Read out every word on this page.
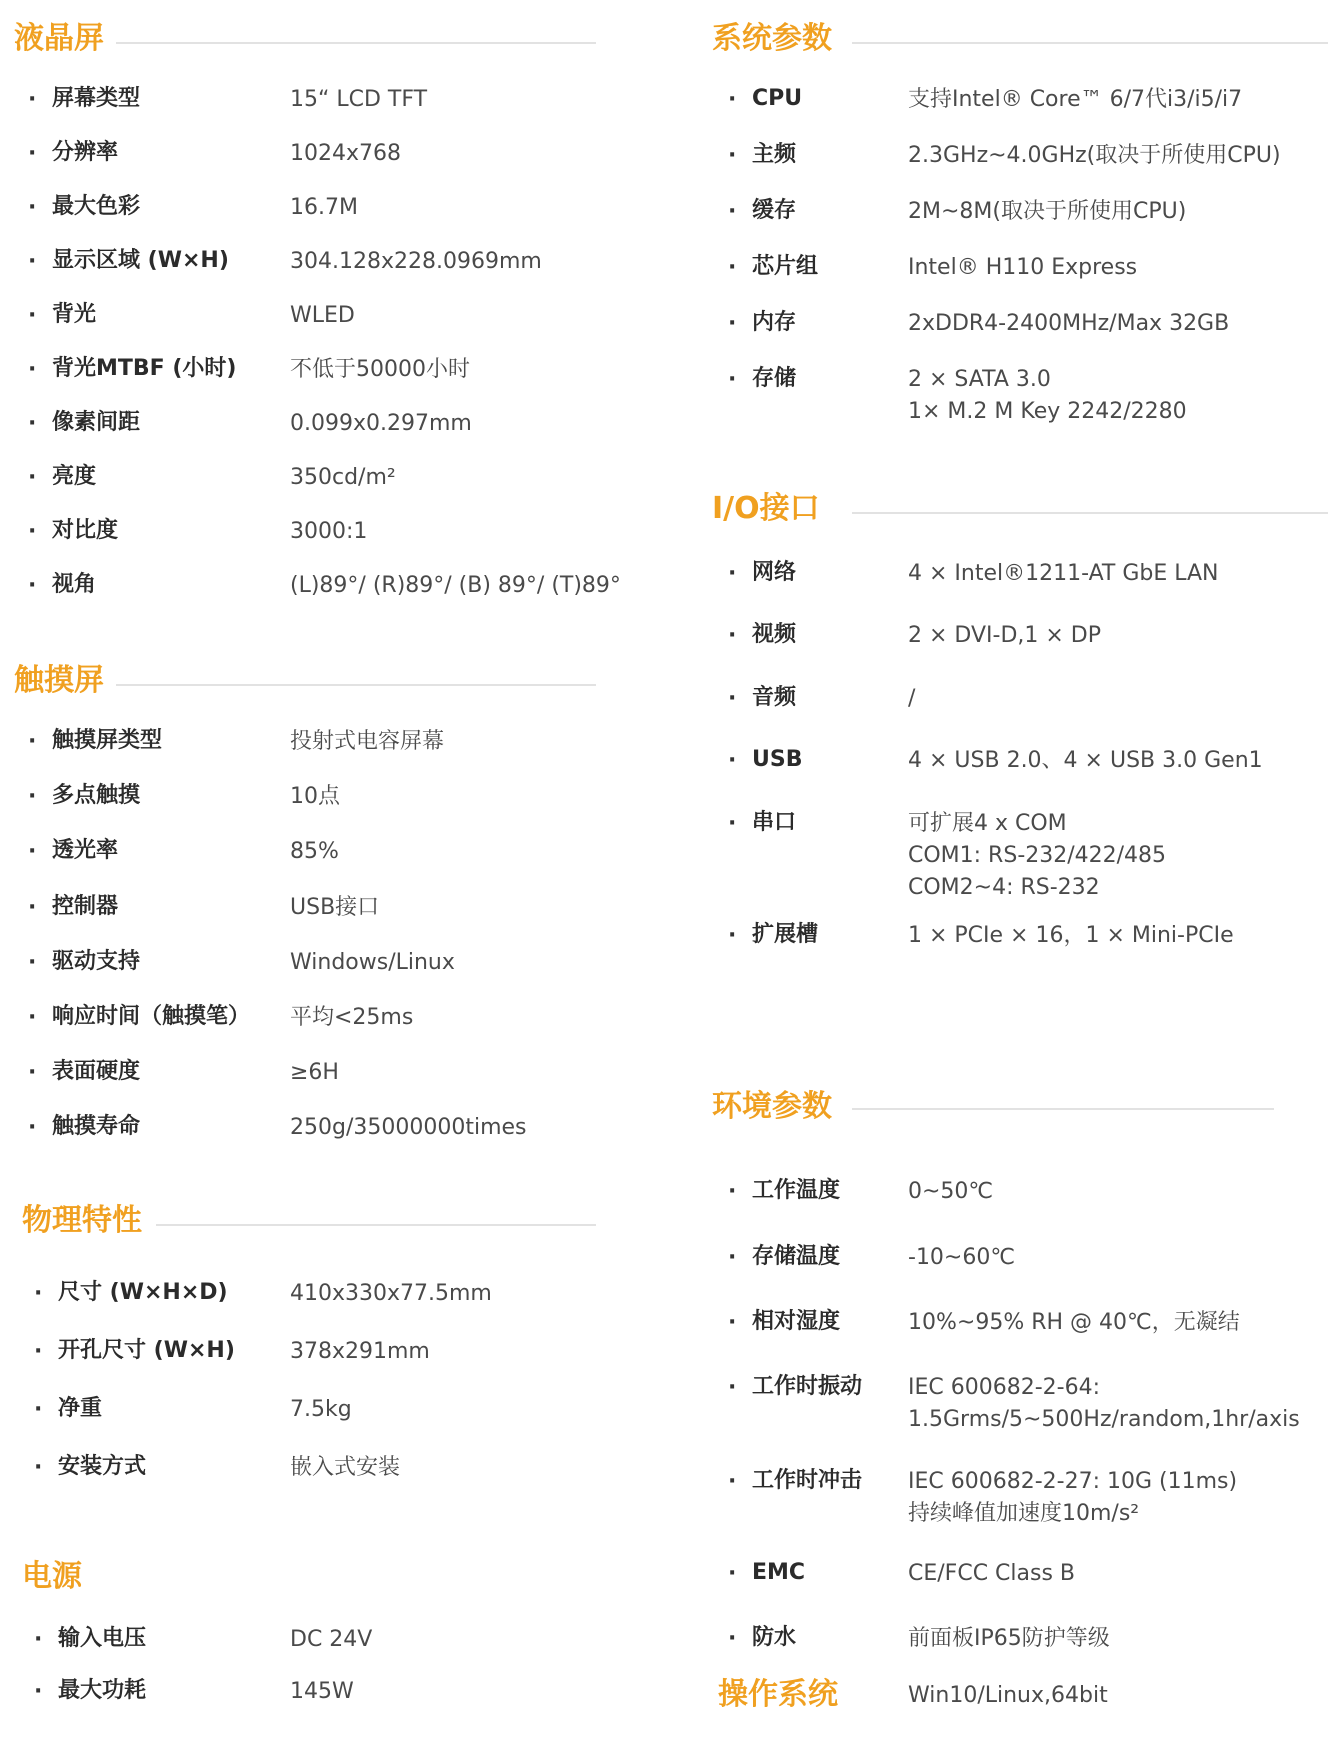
液晶屏
触摸屏
物理特性
电源
系统参数
I/O接口
环境参数
操作系统	Win10/Linux,64bit
· 屏幕类型	15“ LCD TFT
· 分辨率	1024x768
· 最大色彩	16.7M
· 显示区域 (W×H)	304.128x228.0969mm
· 背光	WLED
· 背光MTBF (小时) 不低于50000小时
· 像素间距	0.099x0.297mm
· 亮度	350cd/m²
· 对比度	3000:1
· 视角	(L)89°/ (R)89°/ (B) 89°/ (T)89°
· 触摸屏类型	投射式电容屏幕
· 多点触摸	10点
· 透光率	85%
· 控制器	USB接口
· 驱动支持	Windows/Linux
· 响应时间（触摸笔） 平均<25ms
· 表面硬度	≥6H
· 触摸寿命	250g/35000000times
· 尺寸 (W×H×D)	410x330x77.5mm
· 开孔尺寸 (W×H)	378x291mm
· 净重	7.5kg
· 安装方式	嵌入式安装
· 输入电压	DC 24V
· 最大功耗	145W
· CPU	支持Intel® Core™ 6/7代i3/i5/i7
· 主频	2.3GHz~4.0GHz(取决于所使用CPU)
· 缓存	2M~8M(取决于所使用CPU)
· 芯片组	Intel® H110 Express
· 内存	2xDDR4-2400MHz/Max 32GB
· 存储	2 × SATA 3.0
1× M.2 M Key 2242/2280
· 网络	4 × Intel®1211-AT GbE LAN
· 视频	2 × DVI-D,1 × DP
· 音频	/
· USB	4 × USB 2.0、4 × USB 3.0 Gen1
· 串口	可扩展4 x COM
COM1: RS-232/422/485
COM2~4: RS-232
· 扩展槽	1 × PCIe × 16，1 × Mini-PCIe
· 工作温度	0~50℃
· 存储温度	-10~60℃
· 相对湿度	10%~95% RH @ 40℃，无凝结
· 工作时振动 IEC 600682-2-64:
1.5Grms/5~500Hz/random,1hr/axis
· 工作时冲击 IEC 600682-2-27: 10G (11ms)
持续峰值加速度10m/s²
· EMC	CE/FCC Class B
· 防水	前面板IP65防护等级
